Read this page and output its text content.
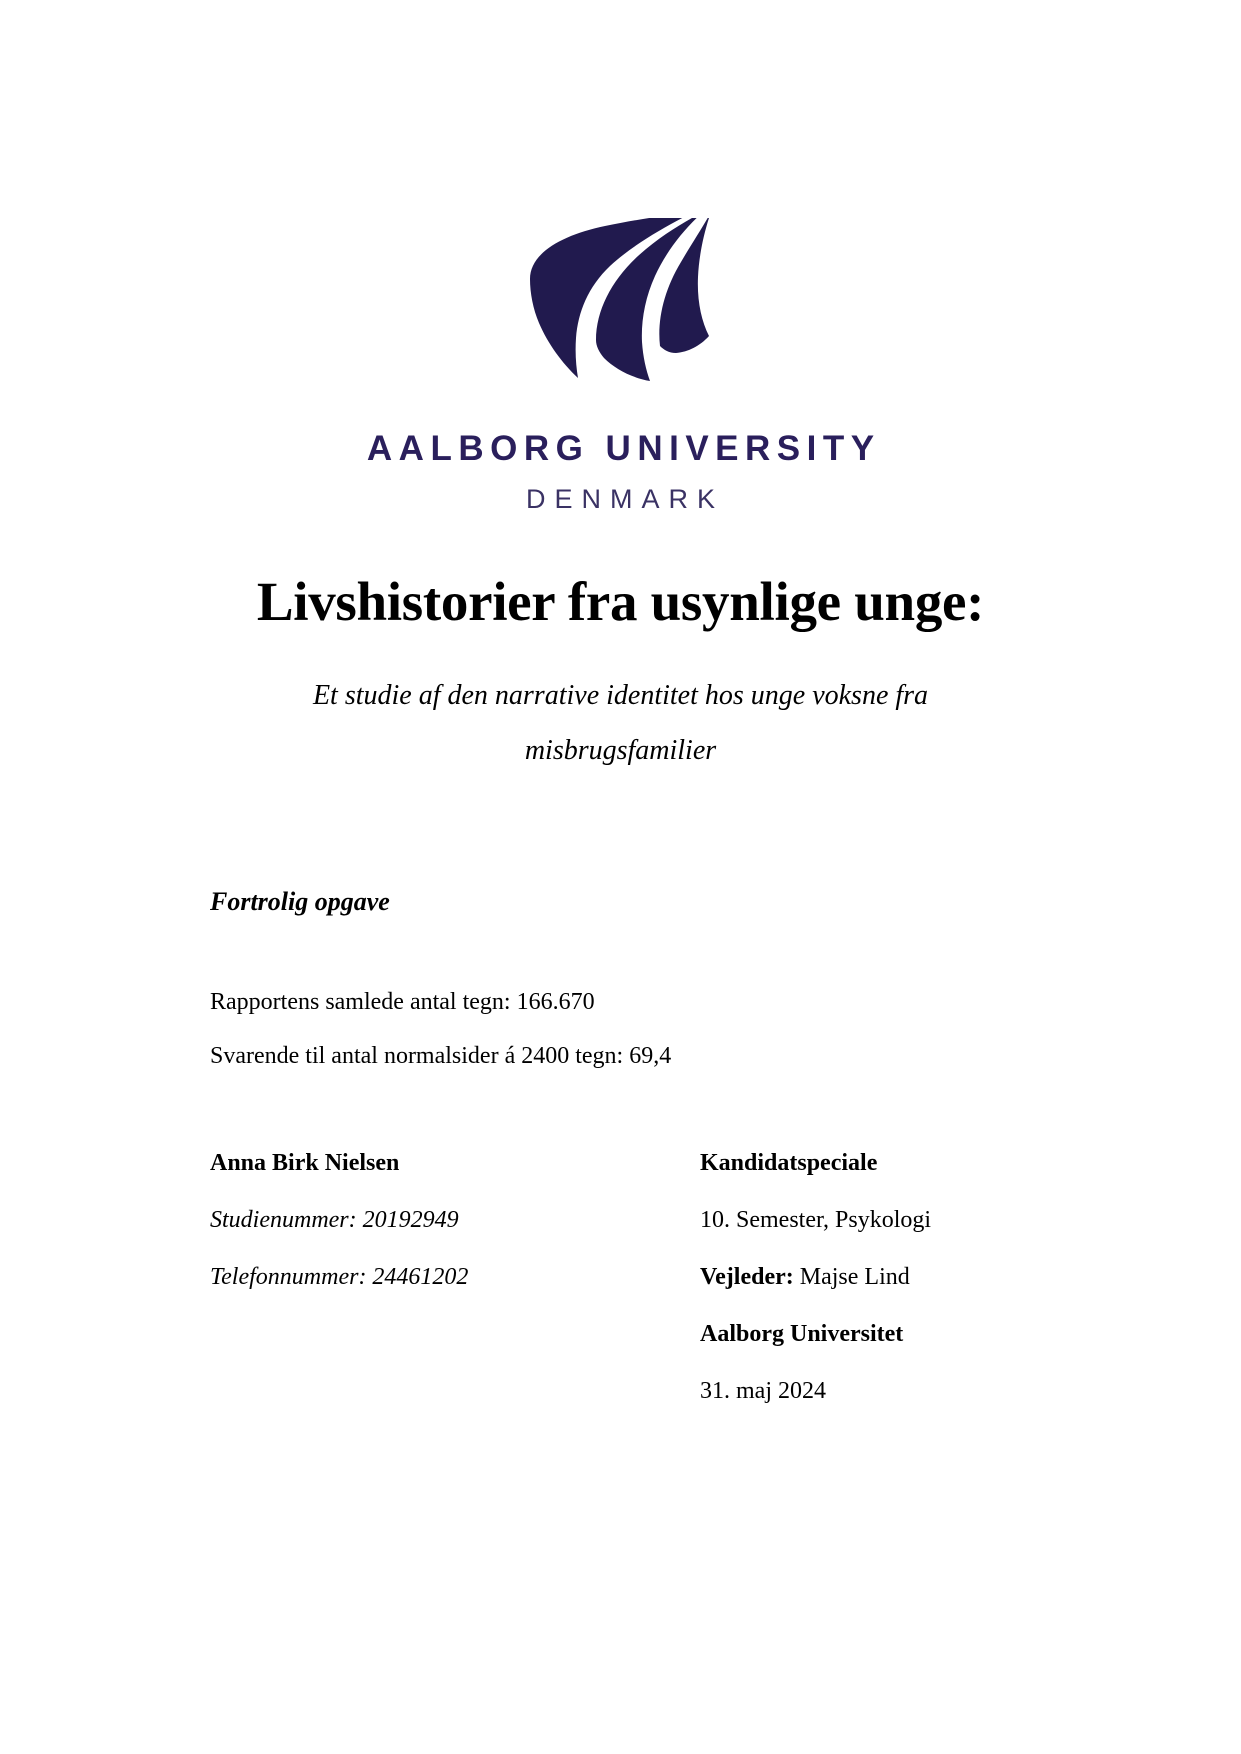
AALBORG UNIVERSITY
DENMARK
Livshistorier fra usynlige unge:
Et studie af den narrative identitet hos unge voksne fra
misbrugsfamilier
Fortrolig opgave
Rapportens samlede antal tegn: 166.670
Svarende til antal normalsider á 2400 tegn: 69,4
Anna Birk Nielsen
Studienummer: 20192949
Telefonnummer: 24461202
Kandidatspeciale
10. Semester, Psykologi
Vejleder: Majse Lind
Aalborg Universitet
31. maj 2024
